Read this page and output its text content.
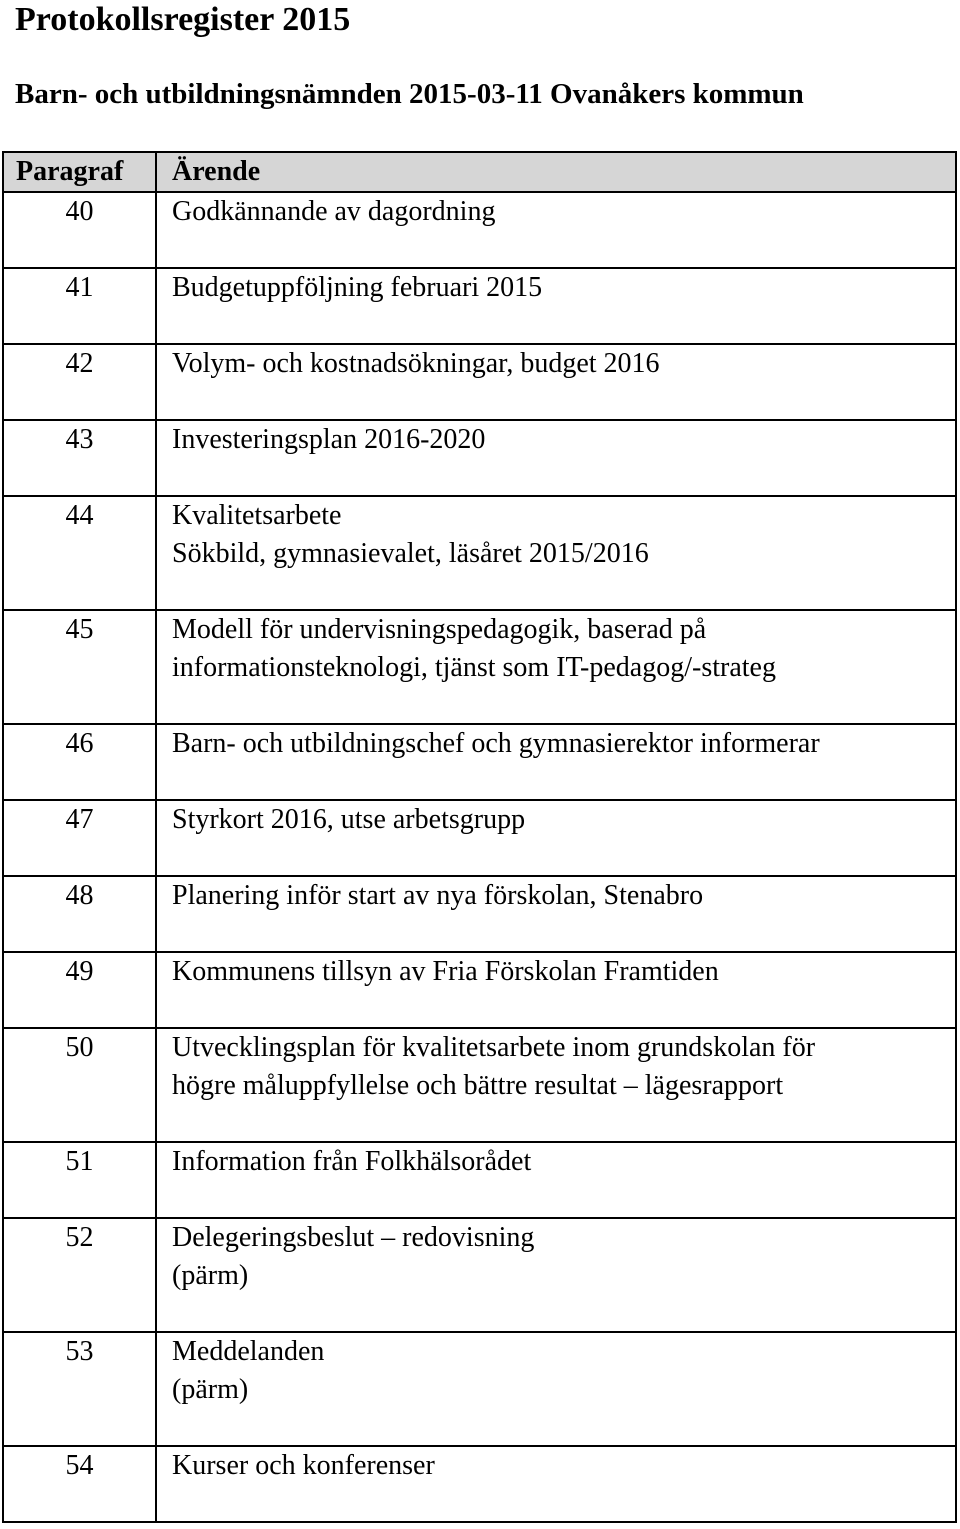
Protokollsregister 2015
Barn- och utbildningsnämnden 2015-03-11 Ovanåkers kommun
Paragraf	Ärende
40	Godkännande av dagordning

41	Budgetuppföljning februari 2015

42	Volym- och kostnadsökningar, budget 2016

43	Investeringsplan 2016-2020

44	Kvalitetsarbete
Sökbild, gymnasievalet, läsåret 2015/2016

45	Modell för undervisningspedagogik, baserad på
informationsteknologi, tjänst som IT-pedagog/-strateg

46	Barn- och utbildningschef och gymnasierektor informerar

47	Styrkort 2016, utse arbetsgrupp

48	Planering inför start av nya förskolan, Stenabro

49	Kommunens tillsyn av Fria Förskolan Framtiden

50	Utvecklingsplan för kvalitetsarbete inom grundskolan för
högre måluppfyllelse och bättre resultat – lägesrapport

51	Information från Folkhälsorådet

52	Delegeringsbeslut – redovisning
(pärm)

53	Meddelanden
(pärm)

54	Kurser och konferenser
